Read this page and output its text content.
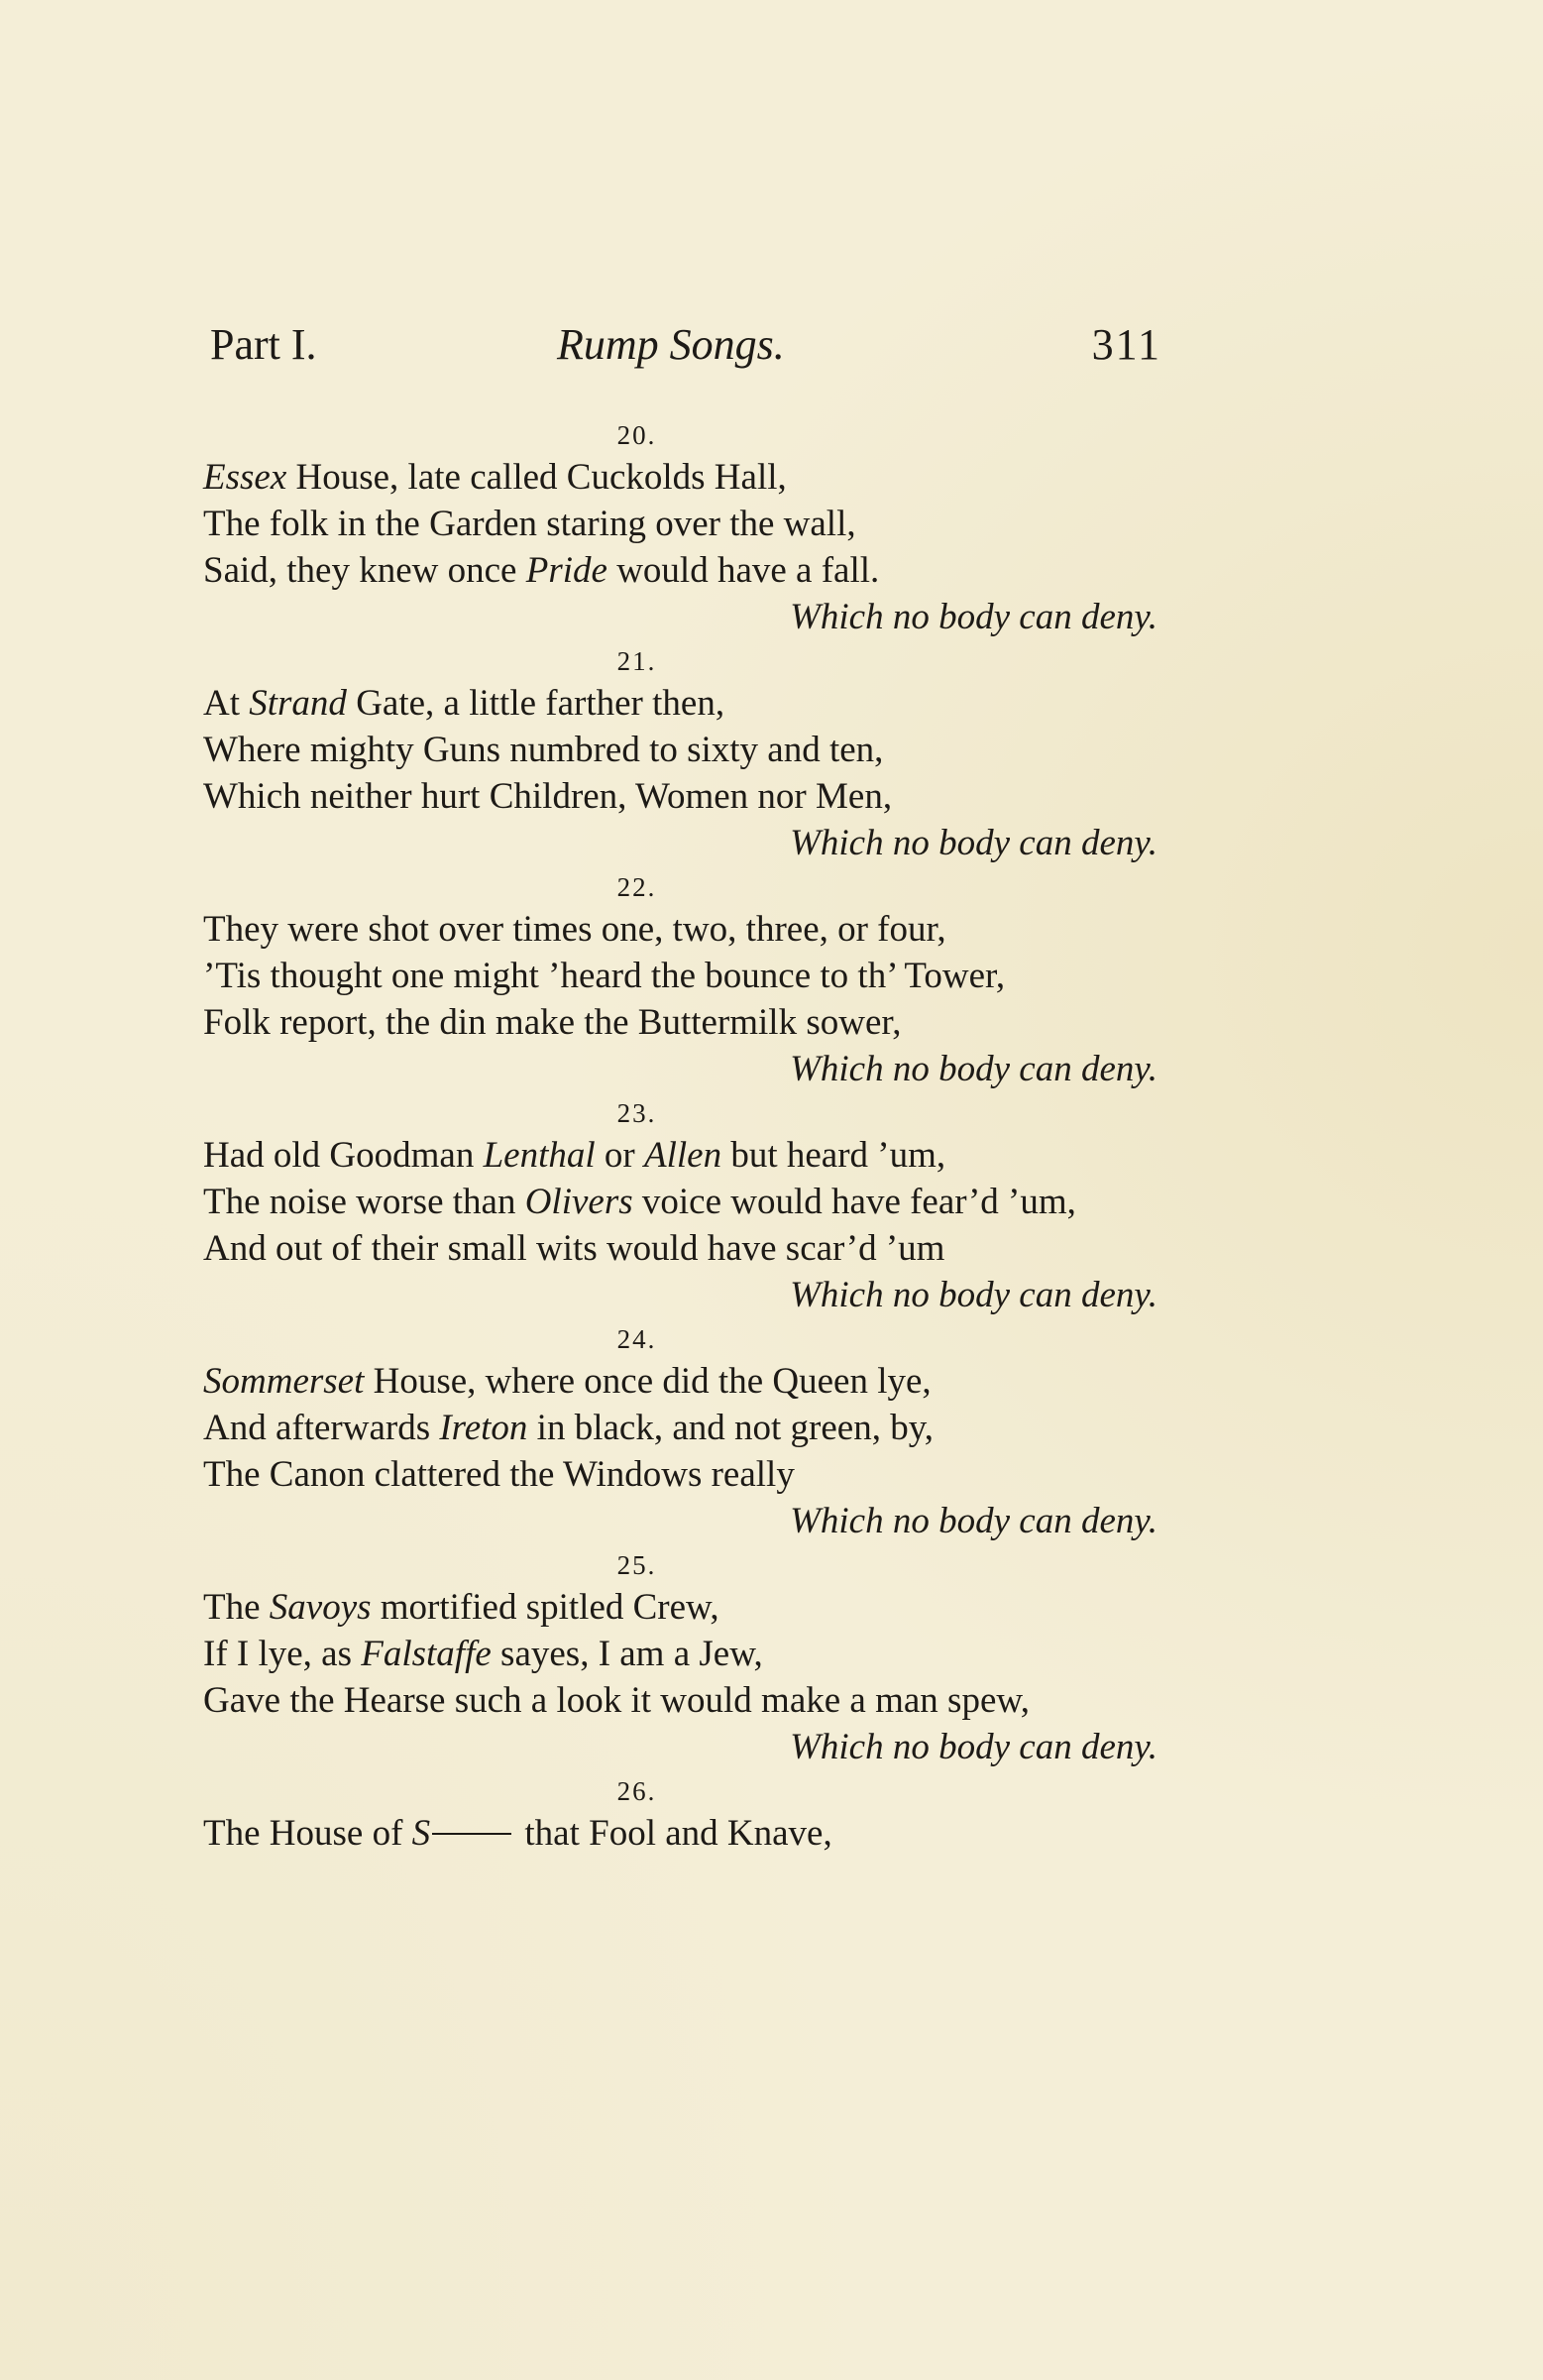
Part I.	Rump Songs.	311
20.
Essex House, late called Cuckolds Hall,
The folk in the Garden staring over the wall,
Said, they knew once Pride would have a fall.
Which no body can deny.
21.
At Strand Gate, a little farther then,
Where mighty Guns numbred to sixty and ten,
Which neither hurt Children, Women nor Men,
Which no body can deny.
22.
They were shot over times one, two, three, or four,
’Tis thought one might ’heard the bounce to th’ Tower,
Folk report, the din make the Buttermilk sower,
Which no body can deny.
23.
Had old Goodman Lenthal or Allen but heard ’um,
The noise worse than Olivers voice would have fear’d ’um,
And out of their small wits would have scar’d ’um
Which no body can deny.
24.
Sommerset House, where once did the Queen lye,
And afterwards Ireton in black, and not green, by,
The Canon clattered the Windows really
Which no body can deny.
25.
The Savoys mortified spitled Crew,
If I lye, as Falstaffe sayes, I am a Jew,
Gave the Hearse such a look it would make a man spew,
Which no body can deny.
26.
The House of S that Fool and Knave,
